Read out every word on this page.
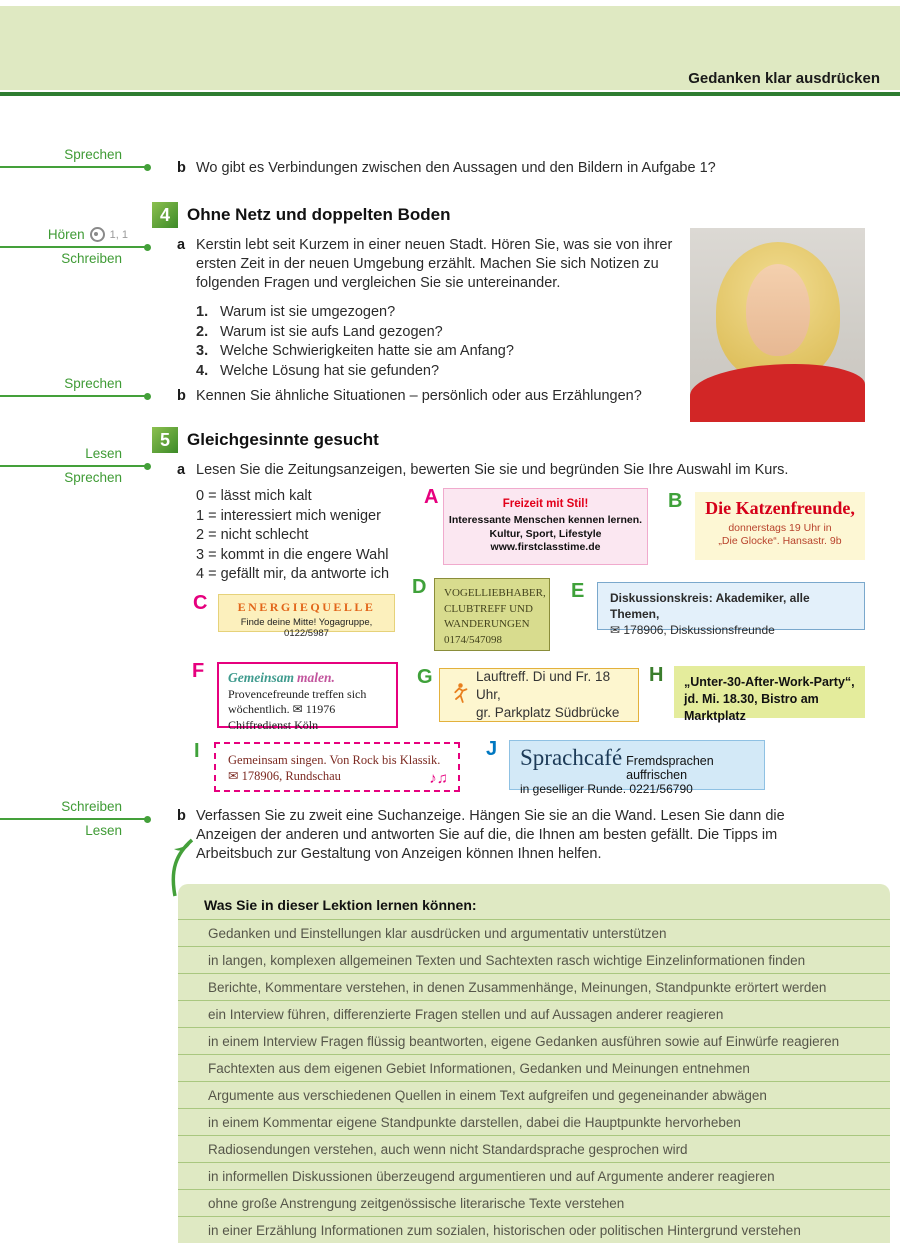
Gedanken klar ausdrücken
Sprechen
Hören 1, 1
Schreiben
Sprechen
Lesen
Sprechen
Schreiben
Lesen
b Wo gibt es Verbindungen zwischen den Aussagen und den Bildern in Aufgabe 1?
4	Ohne Netz und doppelten Boden
a Kerstin lebt seit Kurzem in einer neuen Stadt. Hören Sie, was sie von ihrer ersten Zeit in der neuen Umgebung erzählt. Machen Sie sich Notizen zu folgenden Fragen und vergleichen Sie sie untereinander.
1. Warum ist sie umgezogen?
2. Warum ist sie aufs Land gezogen?
3. Welche Schwierigkeiten hatte sie am Anfang?
4. Welche Lösung hat sie gefunden?
b Kennen Sie ähnliche Situationen – persönlich oder aus Erzählungen?
5	Gleichgesinnte gesucht
a Lesen Sie die Zeitungsanzeigen, bewerten Sie sie und begründen Sie Ihre Auswahl im Kurs.
0 = lässt mich kalt
1 = interessiert mich weniger
2 = nicht schlecht
3 = kommt in die engere Wahl
4 = gefällt mir, da antworte ich
A	Freizeit mit Stil!
Interessante Menschen kennen lernen.
Kultur, Sport, Lifestyle
www.firstclasstime.de
B	Die Katzenfreunde,
donnerstags 19 Uhr in
„Die Glocke“. Hansastr. 9b
C	ENERGIEQUELLE
Finde deine Mitte! Yogagruppe, 0122/5987
D VOGELLIEBHABER,
CLUBTREFF UND
WANDERUNGEN
0174/547098
E Diskussionskreis: Akademiker, alle Themen,
✉ 178906, Diskussionsfreunde
F	Gemeinsam malen. Provencefreunde treffen sich wöchentlich. ✉ 11976 Chiffredienst Köln
G	Lauftreff. Di und Fr. 18 Uhr,
gr. Parkplatz Südbrücke
H „Unter-30-After-Work-Party“,
jd. Mi. 18.30, Bistro am Marktplatz
I Gemeinsam singen. Von Rock bis Klassik.
✉ 178906, Rundschau	♪♫
J Sprachcafé Fremdsprachen auffrischen
in geselliger Runde. 0221/56790
b Verfassen Sie zu zweit eine Suchanzeige. Hängen Sie sie an die Wand. Lesen Sie dann die Anzeigen der anderen und antworten Sie auf die, die Ihnen am besten gefällt. Die Tipps im Arbeitsbuch zur Gestaltung von Anzeigen können Ihnen helfen.
Was Sie in dieser Lektion lernen können:
Gedanken und Einstellungen klar ausdrücken und argumentativ unterstützen
in langen, komplexen allgemeinen Texten und Sachtexten rasch wichtige Einzelinformationen finden
Berichte, Kommentare verstehen, in denen Zusammenhänge, Meinungen, Standpunkte erörtert werden
ein Interview führen, differenzierte Fragen stellen und auf Aussagen anderer reagieren
in einem Interview Fragen flüssig beantworten, eigene Gedanken ausführen sowie auf Einwürfe reagieren
Fachtexten aus dem eigenen Gebiet Informationen, Gedanken und Meinungen entnehmen
Argumente aus verschiedenen Quellen in einem Text aufgreifen und gegeneinander abwägen
in einem Kommentar eigene Standpunkte darstellen, dabei die Hauptpunkte hervorheben
Radiosendungen verstehen, auch wenn nicht Standardsprache gesprochen wird
in informellen Diskussionen überzeugend argumentieren und auf Argumente anderer reagieren
ohne große Anstrengung zeitgenössische literarische Texte verstehen
in einer Erzählung Informationen zum sozialen, historischen oder politischen Hintergrund verstehen
